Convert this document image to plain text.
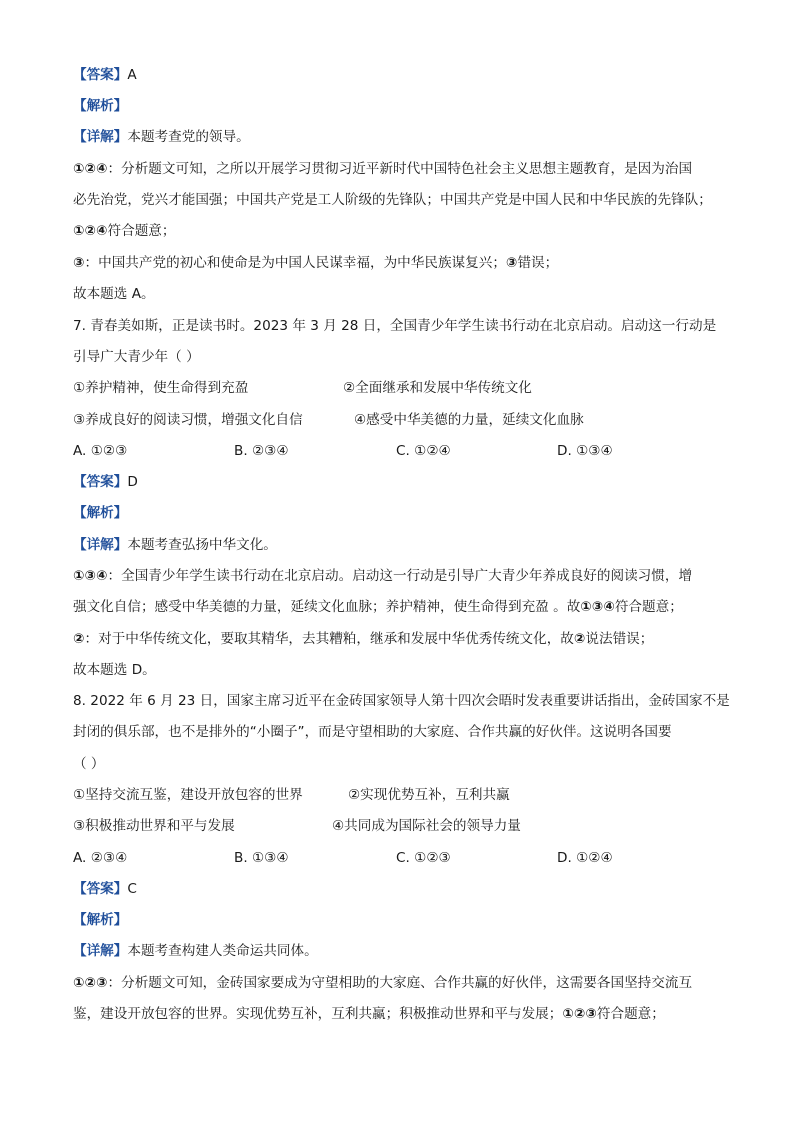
【答案】A
【解析】
【详解】本题考查党的领导。
①②④：分析题文可知，之所以开展学习贯彻习近平新时代中国特色社会主义思想主题教育，是因为治国
必先治党，党兴才能国强；中国共产党是工人阶级的先锋队；中国共产党是中国人民和中华民族的先锋队；
①②④符合题意；
③：中国共产党的初心和使命是为中国人民谋幸福，为中华民族谋复兴；③错误；
故本题选 A。
7. 青春美如斯，正是读书时。2023 年 3 月 28 日，全国青少年学生读书行动在北京启动。启动这一行动是
引导广大青少年（ ）
①养护精神，使生命得到充盈	②全面继承和发展中华传统文化
③养成良好的阅读习惯，增强文化自信	④感受中华美德的力量，延续文化血脉
A. ①②③	B. ②③④	C. ①②④	D. ①③④
【答案】D
【解析】
【详解】本题考查弘扬中华文化。
①③④：全国青少年学生读书行动在北京启动。启动这一行动是引导广大青少年养成良好的阅读习惯，增
强文化自信；感受中华美德的力量，延续文化血脉；养护精神，使生命得到充盈 。故①③④符合题意；
②：对于中华传统文化，要取其精华，去其糟粕，继承和发展中华优秀传统文化，故②说法错误；
故本题选 D。
8. 2022 年 6 月 23 日，国家主席习近平在金砖国家领导人第十四次会晤时发表重要讲话指出，金砖国家不是
封闭的俱乐部，也不是排外的“小圈子”，而是守望相助的大家庭、合作共赢的好伙伴。这说明各国要
（ ）
①坚持交流互鉴，建设开放包容的世界	②实现优势互补，互利共赢
③积极推动世界和平与发展	④共同成为国际社会的领导力量
A. ②③④	B. ①③④	C. ①②③	D. ①②④
【答案】C
【解析】
【详解】本题考查构建人类命运共同体。
①②③：分析题文可知，金砖国家要成为守望相助的大家庭、合作共赢的好伙伴，这需要各国坚持交流互
鉴，建设开放包容的世界。实现优势互补，互利共赢；积极推动世界和平与发展；①②③符合题意；
